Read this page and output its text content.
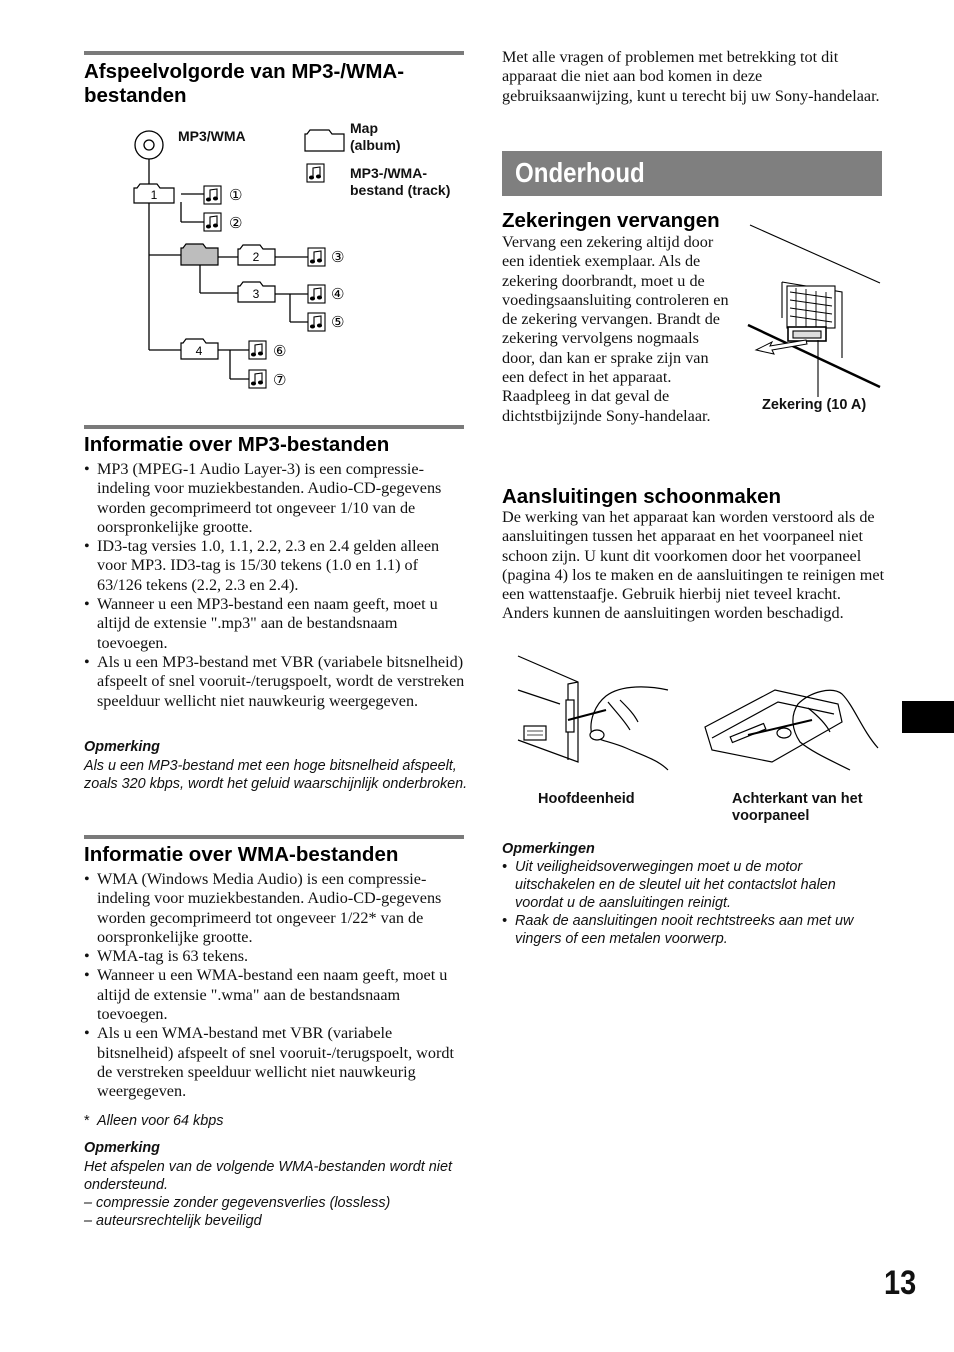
Afspeelvolgorde van MP3-/WMA-bestanden
1
2
3
4
①
②
③
④
⑤
⑥
⑦
MP3/WMA	Map (album)
MP3-/WMA-bestand (track)
Informatie over MP3-bestanden
• MP3 (MPEG-1 Audio Layer-3) is een compressie-indeling voor muziekbestanden. Audio-CD-gegevens worden gecomprimeerd tot ongeveer 1/10 van de oorspronkelijke grootte.
• ID3-tag versies 1.0, 1.1, 2.2, 2.3 en 2.4 gelden alleen voor MP3. ID3-tag is 15/30 tekens (1.0 en 1.1) of 63/126 tekens (2.2, 2.3 en 2.4).
• Wanneer u een MP3-bestand een naam geeft, moet u altijd de extensie ".mp3" aan de bestandsnaam toevoegen.
• Als u een MP3-bestand met VBR (variabele bitsnelheid) afspeelt of snel vooruit-/terugspoelt, wordt de verstreken speelduur wellicht niet nauwkeurig weergegeven.
Opmerking
Als u een MP3-bestand met een hoge bitsnelheid afspeelt, zoals 320 kbps, wordt het geluid waarschijnlijk onderbroken.
Informatie over WMA-bestanden
• WMA (Windows Media Audio) is een compressie-indeling voor muziekbestanden. Audio-CD-gegevens worden gecomprimeerd tot ongeveer 1/22* van de oorspronkelijke grootte.
• WMA-tag is 63 tekens.
• Wanneer u een WMA-bestand een naam geeft, moet u altijd de extensie ".wma" aan de bestandsnaam toevoegen.
• Als u een WMA-bestand met VBR (variabele bitsnelheid) afspeelt of snel vooruit-/terugspoelt, wordt de verstreken speelduur wellicht niet nauwkeurig weergegeven.
* Alleen voor 64 kbps
Opmerking
Het afspelen van de volgende WMA-bestanden wordt niet ondersteund.
– compressie zonder gegevensverlies (lossless)
– auteursrechtelijk beveiligd
Met alle vragen of problemen met betrekking tot dit apparaat die niet aan bod komen in deze gebruiksaanwijzing, kunt u terecht bij uw Sony-handelaar.
Onderhoud
Zekeringen vervangen
Vervang een zekering altijd door een identiek exemplaar. Als de zekering doorbrandt, moet u de voedingsaansluiting controleren en de zekering vervangen. Brandt de zekering vervolgens nogmaals door, dan kan er sprake zijn van een defect in het apparaat. Raadpleeg in dat geval de dichtstbijzijnde Sony-handelaar.
Zekering (10 A)
Aansluitingen schoonmaken
De werking van het apparaat kan worden verstoord als de aansluitingen tussen het apparaat en het voorpaneel niet schoon zijn. U kunt dit voorkomen door het voorpaneel (pagina 4) los te maken en de aansluitingen te reinigen met een wattenstaafje. Gebruik hierbij niet teveel kracht. Anders kunnen de aansluitingen worden beschadigd.
Hoofdeenheid	Achterkant van het voorpaneel
Opmerkingen
• Uit veiligheidsoverwegingen moet u de motor uitschakelen en de sleutel uit het contactslot halen voordat u de aansluitingen reinigt.
• Raak de aansluitingen nooit rechtstreeks aan met uw vingers of een metalen voorwerp.
13
